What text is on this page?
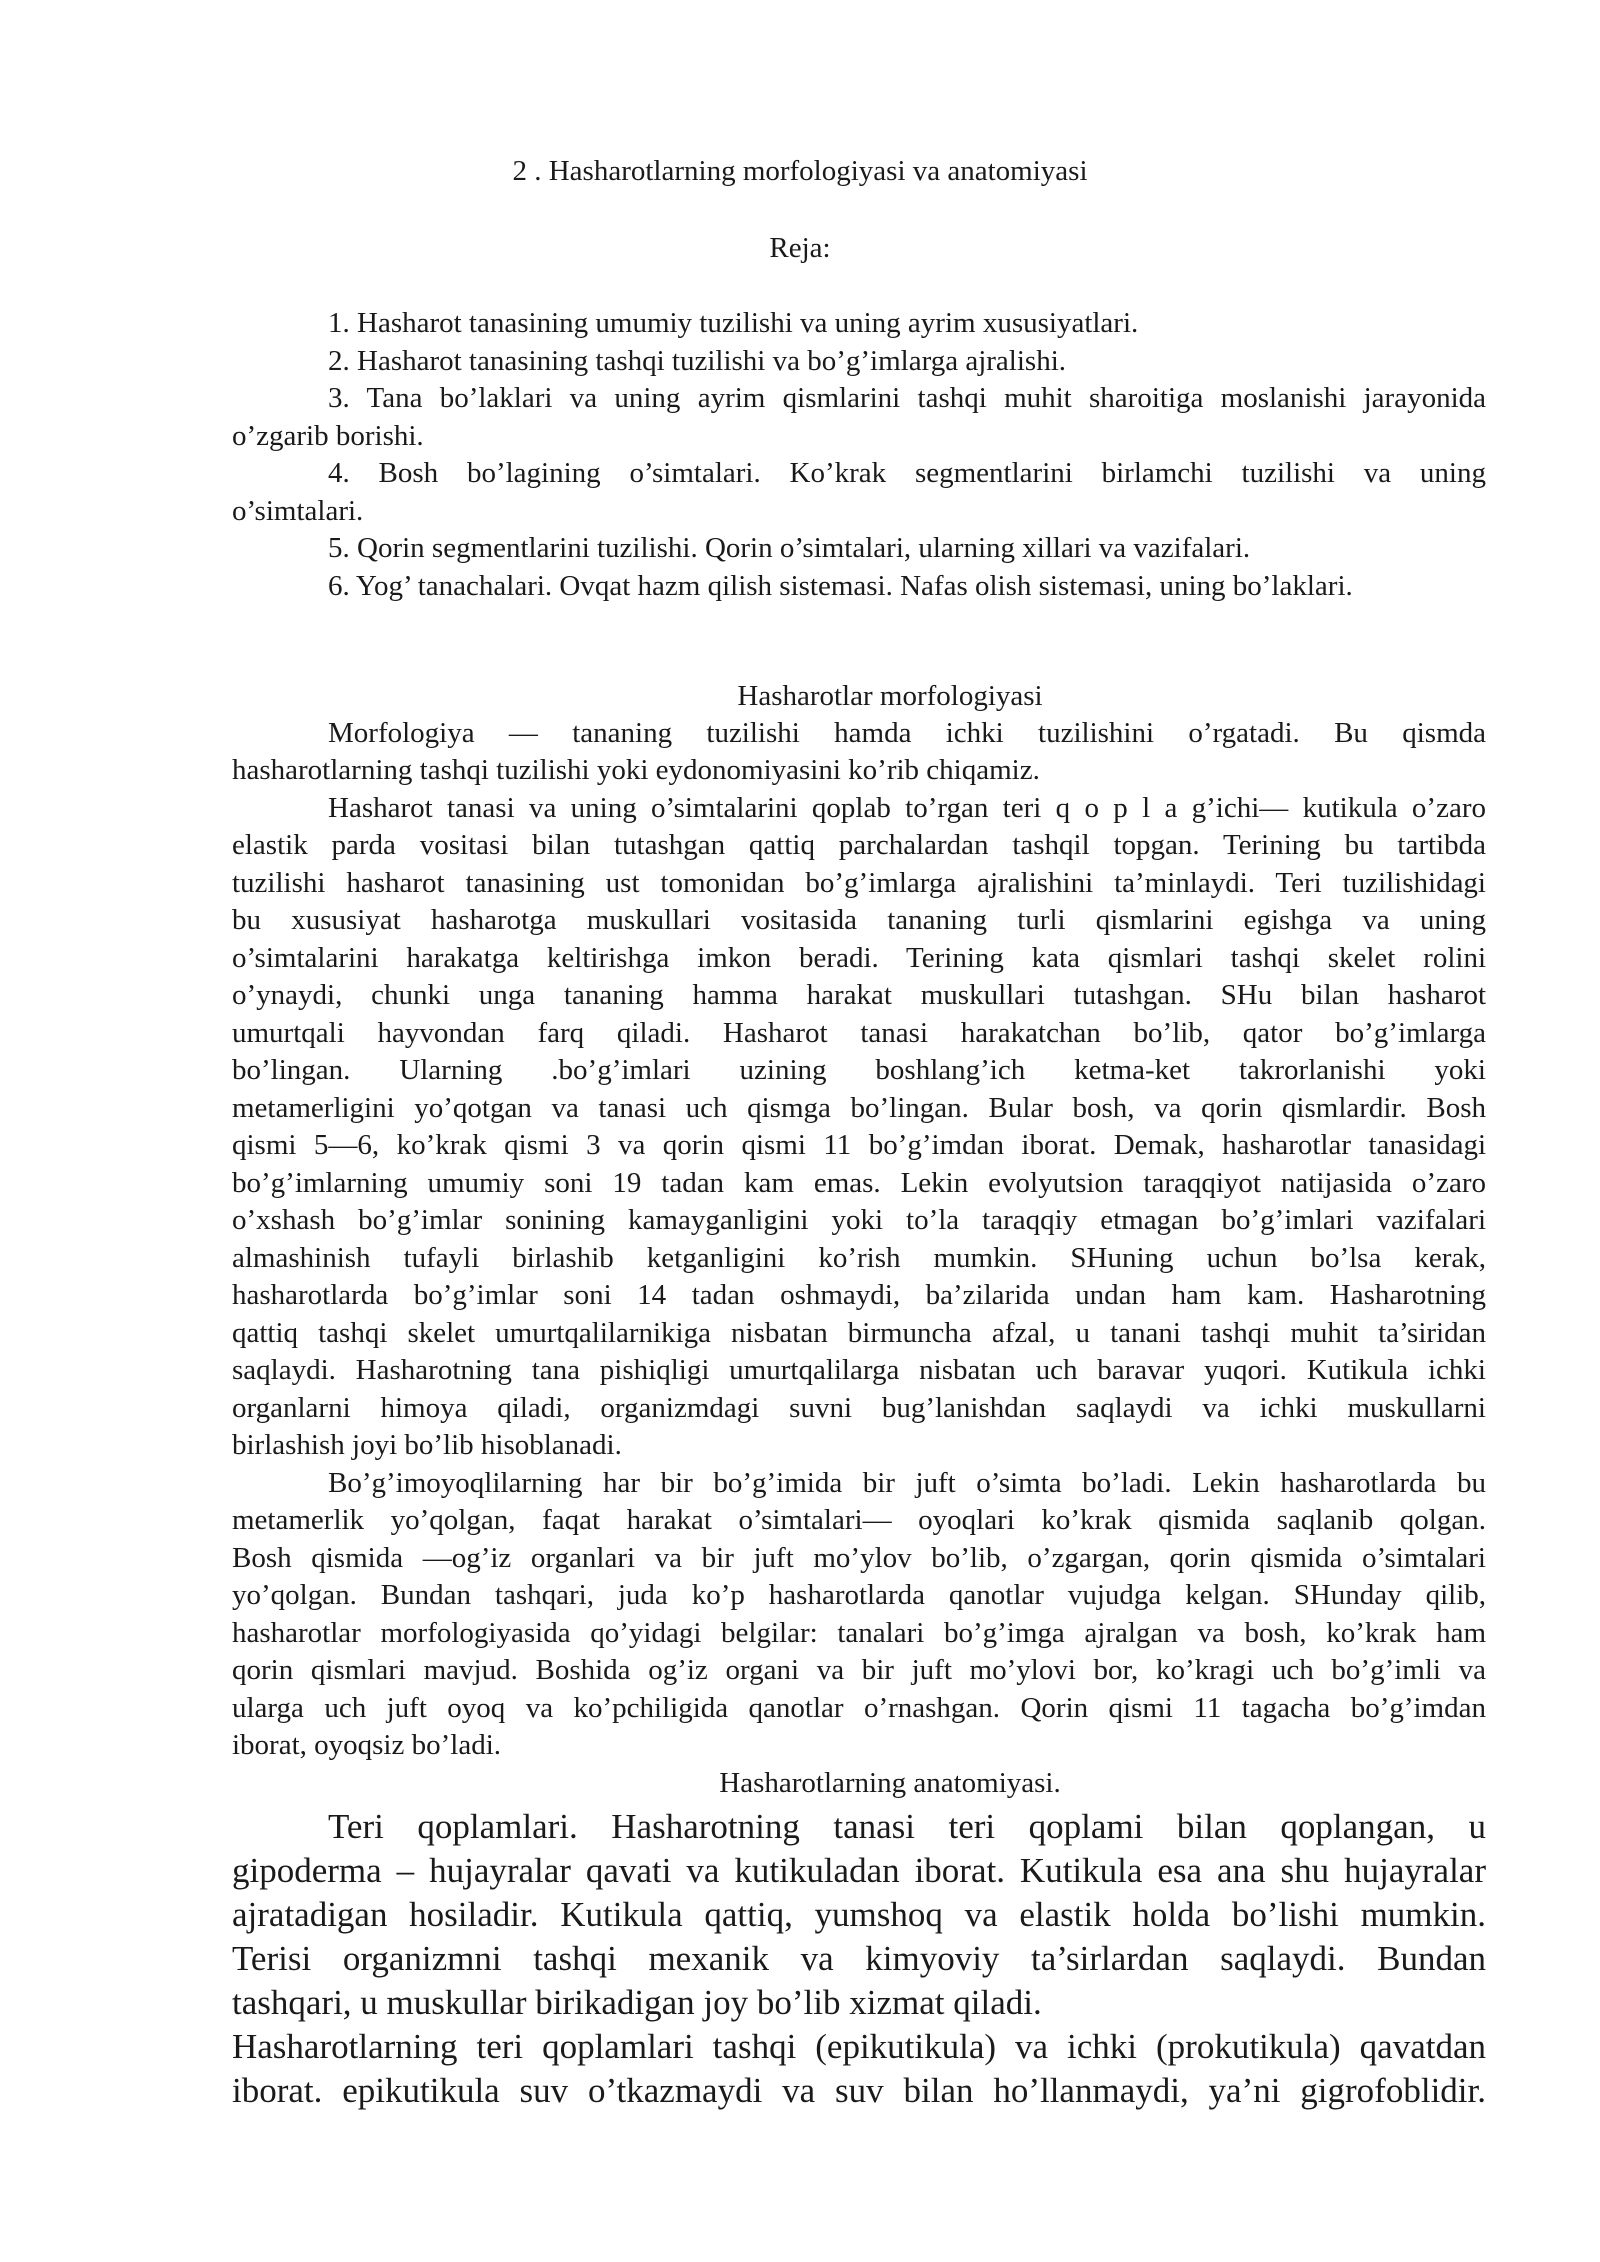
2 . Hasharotlarning morfologiyasi va anatomiyasi
Reja:
1. Hasharot tanasining umumiy tuzilishi va uning ayrim xususiyatlari.
2. Hasharot tanasining tashqi tuzilishi va bo’g’imlarga ajralishi.
3. Tana bo’laklari va uning ayrim qismlarini tashqi muhit sharoitiga moslanishi jarayonida
o’zgarib borishi.
4. Bosh bo’lagining o’simtalari. Ko’krak segmentlarini birlamchi tuzilishi va uning
o’simtalari.
5. Qorin segmentlarini tuzilishi. Qorin o’simtalari, ularning xillari va vazifalari.
6. Yog’ tanachalari. Ovqat hazm qilish sistemasi. Nafas olish sistemasi, uning bo’laklari.
Hasharotlar morfologiyasi
Morfologiya — tananing tuzilishi hamda ichki tuzilishini o’rgatadi. Bu qismda
hasharotlarning tashqi tuzilishi yoki eydonomiyasini ko’rib chiqamiz.
Hasharot tanasi va uning o’simtalarini qoplab to’rgan teri q o p l a g’ichi— kutikula o’zaro
elastik parda vositasi bilan tutashgan qattiq parchalardan tashqil topgan. Terining bu tartibda
tuzilishi hasharot tanasining ust tomonidan bo’g’imlarga ajralishini ta’minlaydi. Teri tuzilishidagi
bu xususiyat hasharotga muskullari vositasida tananing turli qismlarini egishga va uning
o’simtalarini harakatga keltirishga imkon beradi. Terining kata qismlari tashqi skelet rolini
o’ynaydi, chunki unga tananing hamma harakat muskullari tutashgan. SHu bilan hasharot
umurtqali hayvondan farq qiladi. Hasharot tanasi harakatchan bo’lib, qator bo’g’imlarga
bo’lingan. Ularning .bo’g’imlari uzining boshlang’ich ketma-ket takrorlanishi yoki
metamerligini yo’qotgan va tanasi uch qismga bo’lingan. Bular bosh, va qorin qismlardir. Bosh
qismi 5—6, ko’krak qismi 3 va qorin qismi 11 bo’g’imdan iborat. Demak, hasharotlar tanasidagi
bo’g’imlarning umumiy soni 19 tadan kam emas. Lekin evolyutsion taraqqiyot natijasida o’zaro
o’xshash bo’g’imlar sonining kamayganligini yoki to’la taraqqiy etmagan bo’g’imlari vazifalari
almashinish tufayli birlashib ketganligini ko’rish mumkin. SHuning uchun bo’lsa kerak,
hasharotlarda bo’g’imlar soni 14 tadan oshmaydi, ba’zilarida undan ham kam. Hasharotning
qattiq tashqi skelet umurtqalilarnikiga nisbatan birmuncha afzal, u tanani tashqi muhit ta’siridan
saqlaydi. Hasharotning tana pishiqligi umurtqalilarga nisbatan uch baravar yuqori. Kutikula ichki
organlarni himoya qiladi, organizmdagi suvni bug’lanishdan saqlaydi va ichki muskullarni
birlashish joyi bo’lib hisoblanadi.
Bo’g’imoyoqlilarning har bir bo’g’imida bir juft o’simta bo’ladi. Lekin hasharotlarda bu
metamerlik yo’qolgan, faqat harakat o’simtalari— oyoqlari ko’krak qismida saqlanib qolgan.
Bosh qismida —og’iz organlari va bir juft mo’ylov bo’lib, o’zgargan, qorin qismida o’simtalari
yo’qolgan. Bundan tashqari, juda ko’p hasharotlarda qanotlar vujudga kelgan. SHunday qilib,
hasharotlar morfologiyasida qo’yidagi belgilar: tanalari bo’g’imga ajralgan va bosh, ko’krak ham
qorin qismlari mavjud. Boshida og’iz organi va bir juft mo’ylovi bor, ko’kragi uch bo’g’imli va
ularga uch juft oyoq va ko’pchiligida qanotlar o’rnashgan. Qorin qismi 11 tagacha bo’g’imdan
iborat, oyoqsiz bo’ladi.
Hasharotlarning anatomiyasi.
Teri qoplamlari. Hasharotning tanasi teri qoplami bilan qoplangan, u
gipoderma – hujayralar qavati va kutikuladan iborat. Kutikula esa ana shu hujayralar
ajratadigan hosiladir. Kutikula qattiq, yumshoq va elastik holda bo’lishi mumkin.
Terisi organizmni tashqi mexanik va kimyoviy ta’sirlardan saqlaydi. Bundan
tashqari, u muskullar birikadigan joy bo’lib xizmat qiladi.
Hasharotlarning teri qoplamlari tashqi (epikutikula) va ichki (prokutikula) qavatdan
iborat. epikutikula suv o’tkazmaydi va suv bilan ho’llanmaydi, ya’ni gigrofoblidir.
